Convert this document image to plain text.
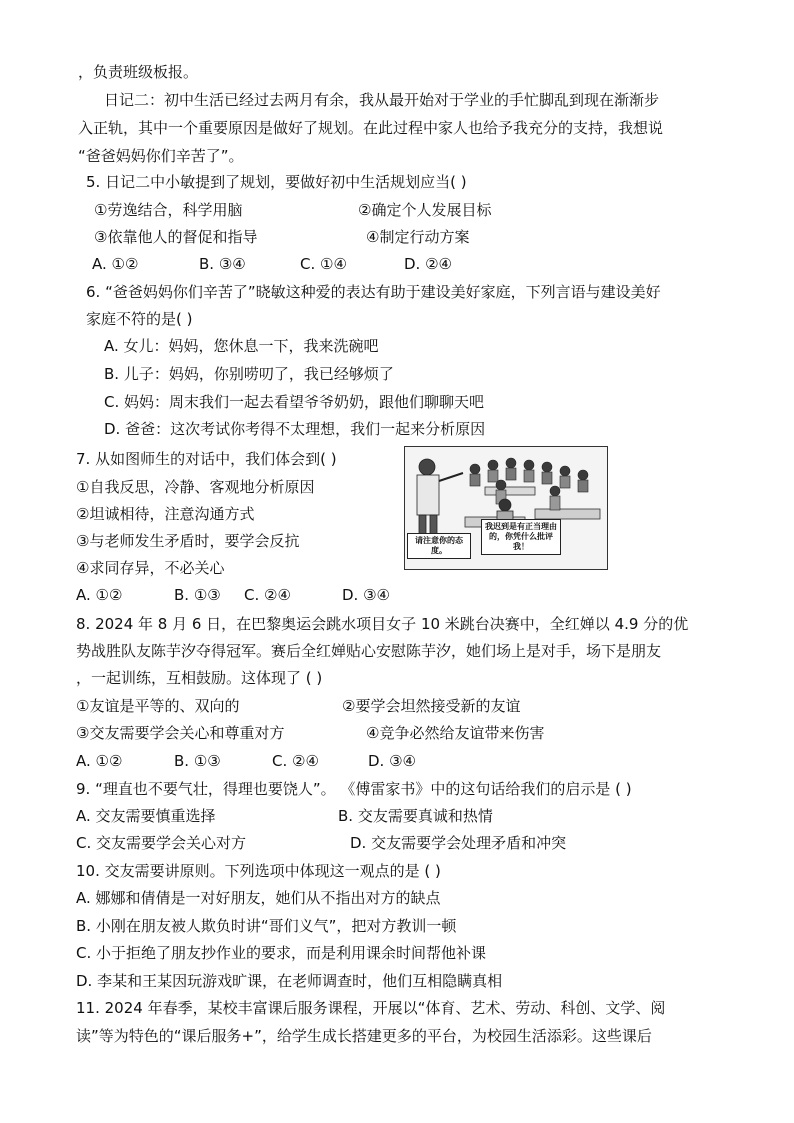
，负责班级板报。
日记二：初中生活已经过去两月有余，我从最开始对于学业的手忙脚乱到现在渐渐步
入正轨，其中一个重要原因是做好了规划。在此过程中家人也给予我充分的支持，我想说
“爸爸妈妈你们辛苦了”。
5. 日记二中小敏提到了规划，要做好初中生活规划应当( )
①劳逸结合，科学用脑	②确定个人发展目标
③依靠他人的督促和指导	④制定行动方案
A. ①②	B. ③④	C. ①④	D. ②④
6. “爸爸妈妈你们辛苦了”晓敏这种爱的表达有助于建设美好家庭，下列言语与建设美好
家庭不符的是( )
A. 女儿：妈妈，您休息一下，我来洗碗吧
B. 儿子：妈妈，你别唠叨了，我已经够烦了
C. 妈妈：周末我们一起去看望爷爷奶奶，跟他们聊聊天吧
D. 爸爸：这次考试你考得不太理想，我们一起来分析原因
7. 从如图师生的对话中，我们体会到( )
①自我反思，冷静、客观地分析原因
②坦诚相待，注意沟通方式
③与老师发生矛盾时，要学会反抗
④求同存异，不必关心
A. ①②	B. ①③ C. ②④	D. ③④
请注意你的态度。
我迟到是有正当理由的，你凭什么批评我！
8. 2024 年 8 月 6 日，在巴黎奥运会跳水项目女子 10 米跳台决赛中，全红婵以 4.9 分的优
势战胜队友陈芋汐夺得冠军。赛后全红婵贴心安慰陈芋汐，她们场上是对手，场下是朋友
，一起训练，互相鼓励。这体现了 ( )
①友谊是平等的、双向的	②要学会坦然接受新的友谊
③交友需要学会关心和尊重对方	④竞争必然给友谊带来伤害
A. ①②	B. ①③	C. ②④	D. ③④
9. “理直也不要气壮，得理也要饶人”。 《傅雷家书》中的这句话给我们的启示是 ( )
A. 交友需要慎重选择	B. 交友需要真诚和热情
C. 交友需要学会关心对方	D. 交友需要学会处理矛盾和冲突
10. 交友需要讲原则。下列选项中体现这一观点的是 ( )
A. 娜娜和倩倩是一对好朋友，她们从不指出对方的缺点
B. 小刚在朋友被人欺负时讲“哥们义气”，把对方教训一顿
C. 小于拒绝了朋友抄作业的要求，而是利用课余时间帮他补课
D. 李某和王某因玩游戏旷课，在老师调查时，他们互相隐瞒真相
11. 2024 年春季，某校丰富课后服务课程，开展以“体育、艺术、劳动、科创、文学、阅
读”等为特色的“课后服务+”，给学生成长搭建更多的平台，为校园生活添彩。这些课后
